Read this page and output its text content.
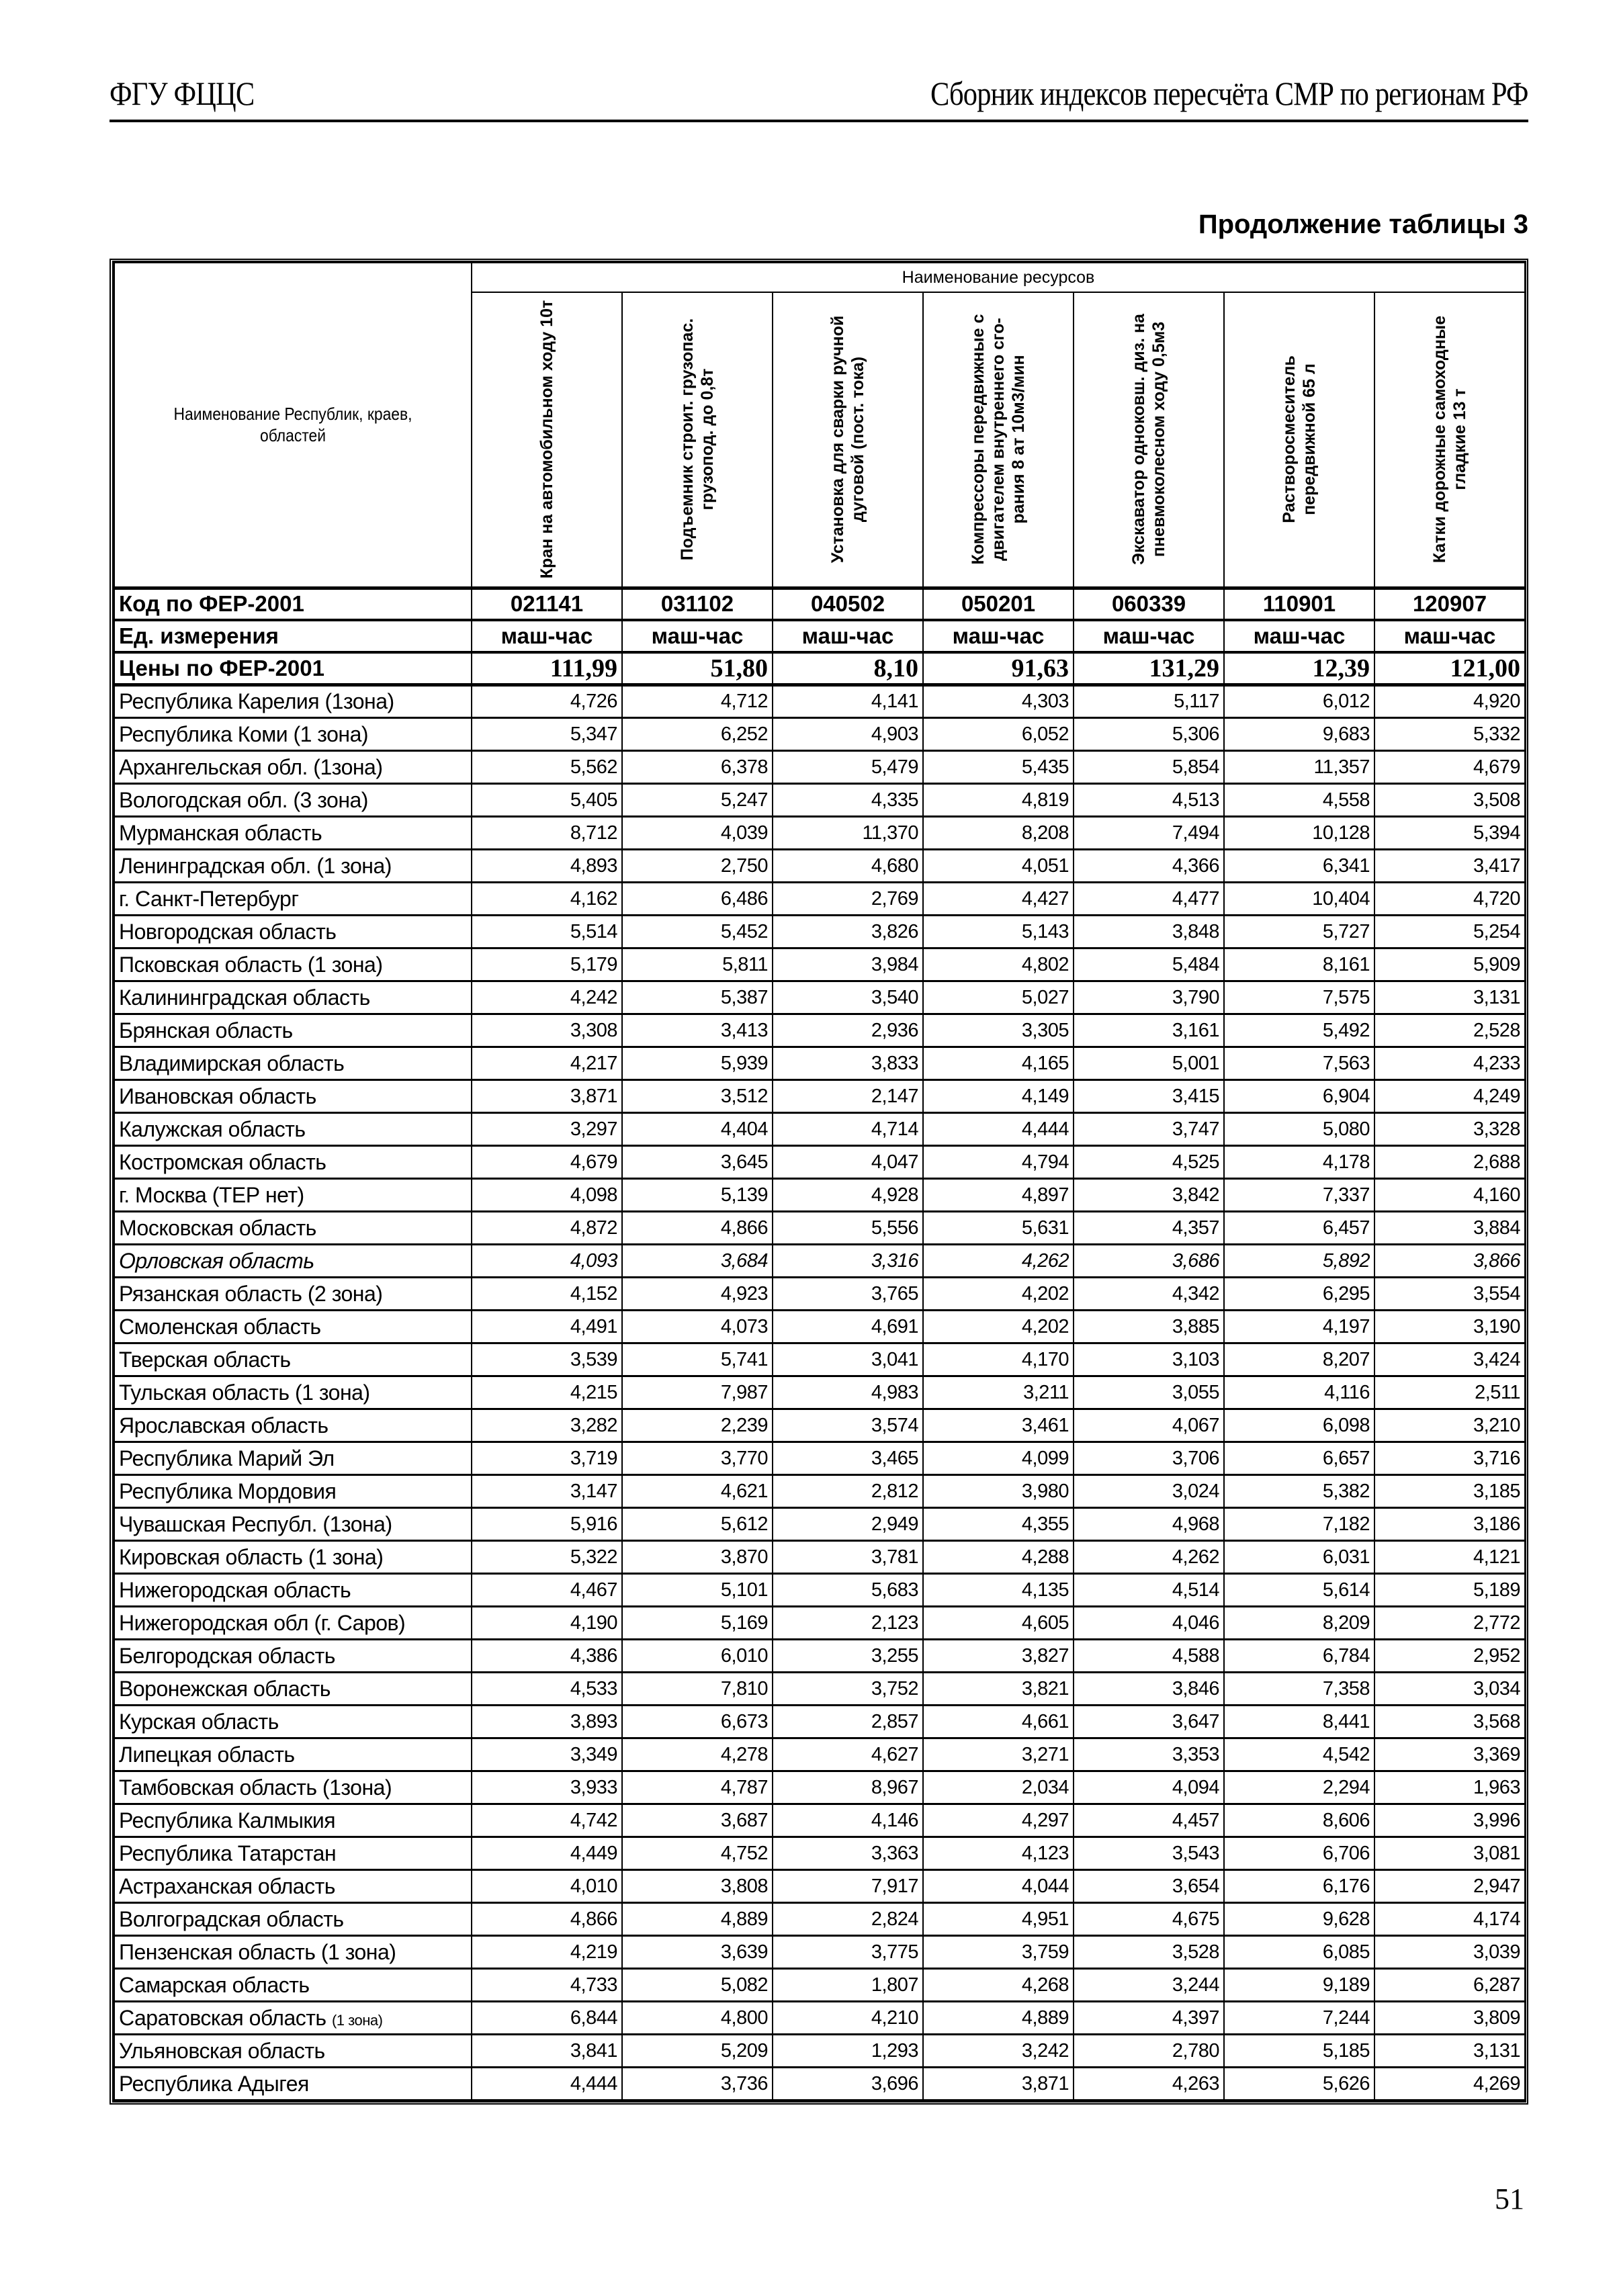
ФГУ ФЦЦС	Сборник индексов пересчёта СМР по регионам РФ
Продолжение таблицы 3
Наименование Республик, краев, областей	Наименование ресурсов						

	Кран на автомобильном ходу 10т	Подъемник строит. грузопас. грузопод. до 0,8т	Установка для сварки ручной дуговой (пост. тока)	Компрессоры передвижные с двигателем внутреннего сго-рания 8 ат 10м3/мин	Экскаватор одноковш. диз. на пневмоколесном ходу 0,5м3	Растворосмеситель передвижной 65 л	Катки дорожные самоходные гладкие 13 т

Код по ФЕР-2001	021141	031102	040502	050201	060339	110901	120907
Ед. измерения	маш-час	маш-час	маш-час	маш-час	маш-час	маш-час	маш-час
Цены по ФЕР-2001	111,99	51,80	8,10	91,63	131,29	12,39	121,00
Республика Карелия (1зона)	4,726	4,712	4,141	4,303	5,117	6,012	4,920
Республика Коми (1 зона)	5,347	6,252	4,903	6,052	5,306	9,683	5,332
Архангельская обл. (1зона)	5,562	6,378	5,479	5,435	5,854	11,357	4,679
Вологодская обл. (3 зона)	5,405	5,247	4,335	4,819	4,513	4,558	3,508
Мурманская область	8,712	4,039	11,370	8,208	7,494	10,128	5,394
Ленинградская обл. (1 зона)	4,893	2,750	4,680	4,051	4,366	6,341	3,417
г. Санкт-Петербург	4,162	6,486	2,769	4,427	4,477	10,404	4,720
Новгородская область	5,514	5,452	3,826	5,143	3,848	5,727	5,254
Псковская область (1 зона)	5,179	5,811	3,984	4,802	5,484	8,161	5,909
Калининградская область	4,242	5,387	3,540	5,027	3,790	7,575	3,131
Брянская область	3,308	3,413	2,936	3,305	3,161	5,492	2,528
Владимирская область	4,217	5,939	3,833	4,165	5,001	7,563	4,233
Ивановская область	3,871	3,512	2,147	4,149	3,415	6,904	4,249
Калужская область	3,297	4,404	4,714	4,444	3,747	5,080	3,328
Костромская область	4,679	3,645	4,047	4,794	4,525	4,178	2,688
г. Москва (ТЕР нет)	4,098	5,139	4,928	4,897	3,842	7,337	4,160
Московская область	4,872	4,866	5,556	5,631	4,357	6,457	3,884
Орловская область	4,093	3,684	3,316	4,262	3,686	5,892	3,866
Рязанская область (2 зона)	4,152	4,923	3,765	4,202	4,342	6,295	3,554
Смоленская область	4,491	4,073	4,691	4,202	3,885	4,197	3,190
Тверская область	3,539	5,741	3,041	4,170	3,103	8,207	3,424
Тульская область (1 зона)	4,215	7,987	4,983	3,211	3,055	4,116	2,511
Ярославская область	3,282	2,239	3,574	3,461	4,067	6,098	3,210
Республика Марий Эл	3,719	3,770	3,465	4,099	3,706	6,657	3,716
Республика Мордовия	3,147	4,621	2,812	3,980	3,024	5,382	3,185
Чувашская Республ. (1зона)	5,916	5,612	2,949	4,355	4,968	7,182	3,186
Кировская область (1 зона)	5,322	3,870	3,781	4,288	4,262	6,031	4,121
Нижегородская область	4,467	5,101	5,683	4,135	4,514	5,614	5,189
Нижегородская обл (г. Саров)	4,190	5,169	2,123	4,605	4,046	8,209	2,772
Белгородская область	4,386	6,010	3,255	3,827	4,588	6,784	2,952
Воронежская область	4,533	7,810	3,752	3,821	3,846	7,358	3,034
Курская область	3,893	6,673	2,857	4,661	3,647	8,441	3,568
Липецкая область	3,349	4,278	4,627	3,271	3,353	4,542	3,369
Тамбовская область (1зона)	3,933	4,787	8,967	2,034	4,094	2,294	1,963
Республика Калмыкия	4,742	3,687	4,146	4,297	4,457	8,606	3,996
Республика Татарстан	4,449	4,752	3,363	4,123	3,543	6,706	3,081
Астраханская область	4,010	3,808	7,917	4,044	3,654	6,176	2,947
Волгоградская область	4,866	4,889	2,824	4,951	4,675	9,628	4,174
Пензенская область (1 зона)	4,219	3,639	3,775	3,759	3,528	6,085	3,039
Самарская область	4,733	5,082	1,807	4,268	3,244	9,189	6,287
Саратовская область (1 зона)	6,844	4,800	4,210	4,889	4,397	7,244	3,809
Ульяновская область	3,841	5,209	1,293	3,242	2,780	5,185	3,131
Республика Адыгея	4,444	3,736	3,696	3,871	4,263	5,626	4,269
51
